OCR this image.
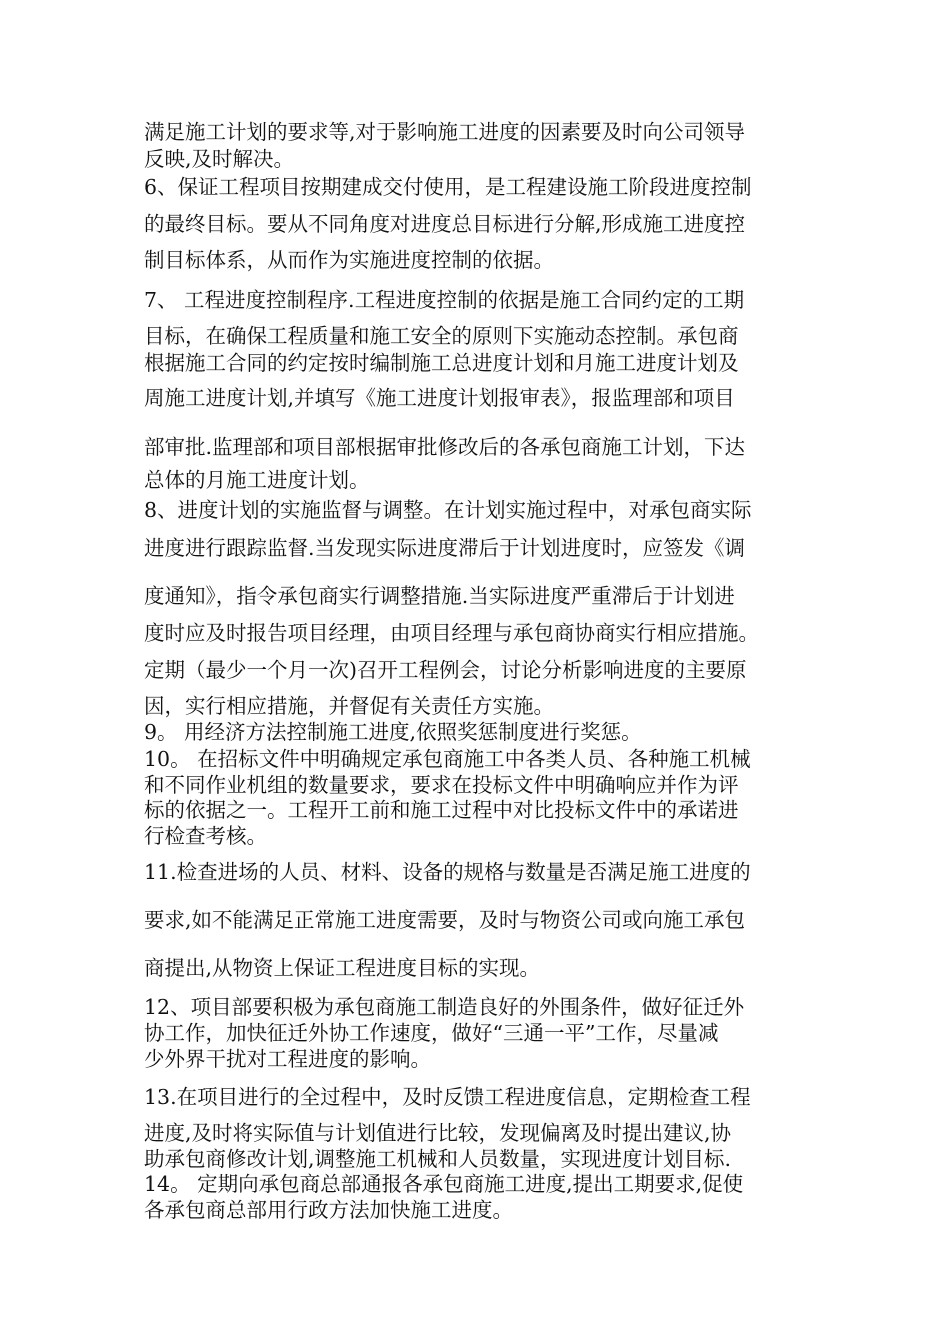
满足施工计划的要求等,对于影响施工进度的因素要及时向公司领导
反映,及时解决。
6、保证工程项目按期建成交付使用，是工程建设施工阶段进度控制
的最终目标。要从不同角度对进度总目标进行分解,形成施工进度控
制目标体系，从而作为实施进度控制的依据。
7、 工程进度控制程序.工程进度控制的依据是施工合同约定的工期
目标，在确保工程质量和施工安全的原则下实施动态控制。承包商
根据施工合同的约定按时编制施工总进度计划和月施工进度计划及
周施工进度计划,并填写《施工进度计划报审表》，报监理部和项目
部审批.监理部和项目部根据审批修改后的各承包商施工计划，下达
总体的月施工进度计划。
8、进度计划的实施监督与调整。在计划实施过程中，对承包商实际
进度进行跟踪监督.当发现实际进度滞后于计划进度时，应签发《调
度通知》，指令承包商实行调整措施.当实际进度严重滞后于计划进
度时应及时报告项目经理，由项目经理与承包商协商实行相应措施。
定期（最少一个月一次)召开工程例会，讨论分析影响进度的主要原
因，实行相应措施，并督促有关责任方实施。
9。 用经济方法控制施工进度,依照奖惩制度进行奖惩。
10。 在招标文件中明确规定承包商施工中各类人员、各种施工机械
和不同作业机组的数量要求，要求在投标文件中明确响应并作为评
标的依据之一。工程开工前和施工过程中对比投标文件中的承诺进
行检查考核。
11.检查进场的人员、材料、设备的规格与数量是否满足施工进度的
要求,如不能满足正常施工进度需要，及时与物资公司或向施工承包
商提出,从物资上保证工程进度目标的实现。
12、项目部要积极为承包商施工制造良好的外围条件，做好征迁外
协工作，加快征迁外协工作速度，做好“三通一平”工作，尽量减
少外界干扰对工程进度的影响。
13.在项目进行的全过程中，及时反馈工程进度信息，定期检查工程
进度,及时将实际值与计划值进行比较，发现偏离及时提出建议,协
助承包商修改计划,调整施工机械和人员数量，实现进度计划目标.
14。 定期向承包商总部通报各承包商施工进度,提出工期要求,促使
各承包商总部用行政方法加快施工进度。
